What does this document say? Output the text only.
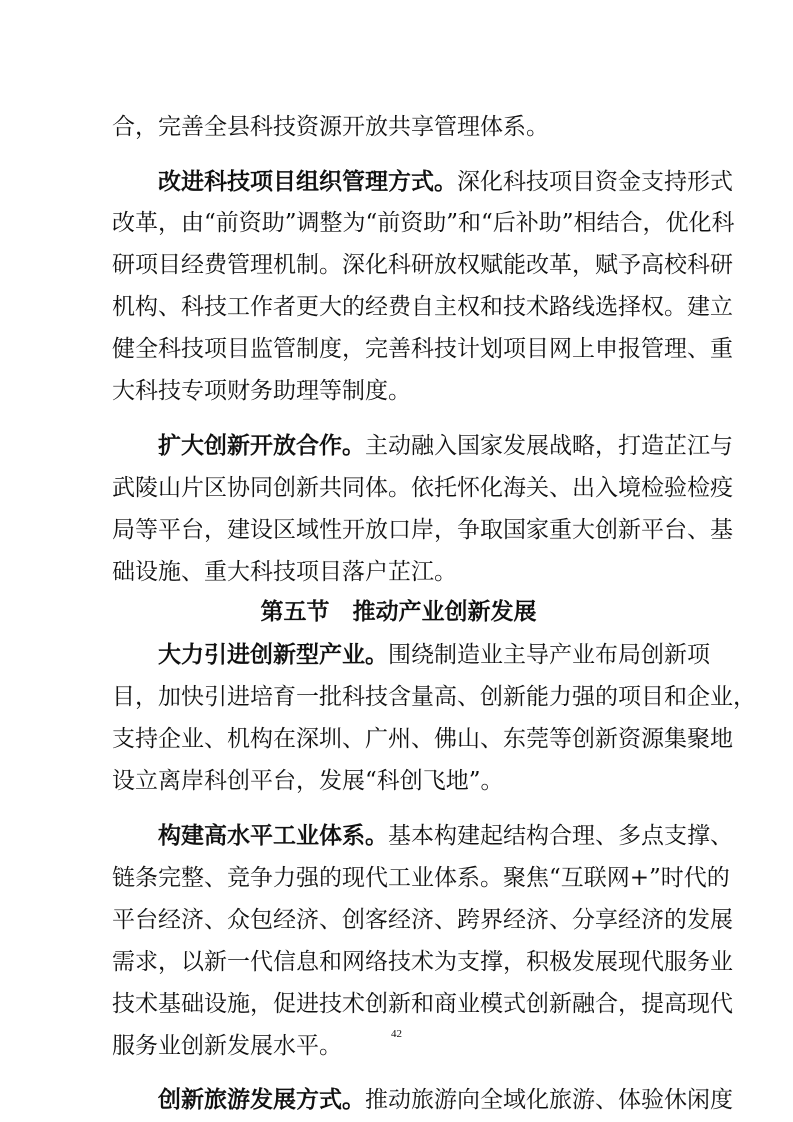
合，完善全县科技资源开放共享管理体系。
改进科技项目组织管理方式。深化科技项目资金支持形式
改革，由“前资助”调整为“前资助”和“后补助”相结合，优化科
研项目经费管理机制。深化科研放权赋能改革，赋予高校科研
机构、科技工作者更大的经费自主权和技术路线选择权。建立
健全科技项目监管制度，完善科技计划项目网上申报管理、重
大科技专项财务助理等制度。
扩大创新开放合作。主动融入国家发展战略，打造芷江与
武陵山片区协同创新共同体。依托怀化海关、出入境检验检疫
局等平台，建设区域性开放口岸，争取国家重大创新平台、基
础设施、重大科技项目落户芷江。
第五节　推动产业创新发展
大力引进创新型产业。围绕制造业主导产业布局创新项
目，加快引进培育一批科技含量高、创新能力强的项目和企业，
支持企业、机构在深圳、广州、佛山、东莞等创新资源集聚地
设立离岸科创平台，发展“科创飞地”。
构建高水平工业体系。基本构建起结构合理、多点支撑、
链条完整、竞争力强的现代工业体系。聚焦“互联网+”时代的
平台经济、众包经济、创客经济、跨界经济、分享经济的发展
需求，以新一代信息和网络技术为支撑，积极发展现代服务业
技术基础设施，促进技术创新和商业模式创新融合，提高现代
服务业创新发展水平。
创新旅游发展方式。推动旅游向全域化旅游、体验休闲度
42
